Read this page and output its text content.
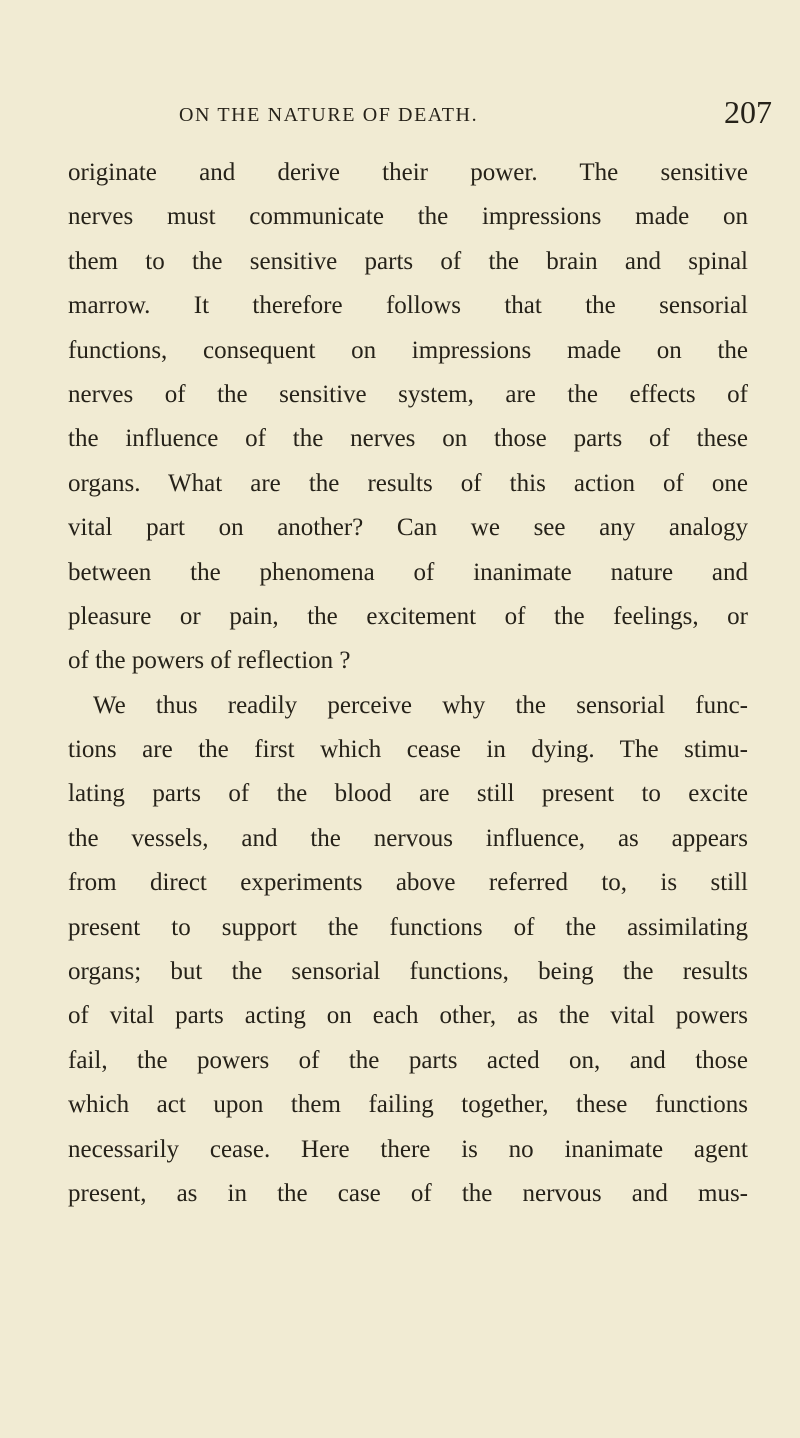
ON THE NATURE OF DEATH.	207
originate and derive their power. The sensitive
nerves must communicate the impressions made on
them to the sensitive parts of the brain and spinal
marrow. It therefore follows that the sensorial
functions, consequent on impressions made on the
nerves of the sensitive system, are the effects of
the influence of the nerves on those parts of these
organs. What are the results of this action of one
vital part on another? Can we see any analogy
between the phenomena of inanimate nature and
pleasure or pain, the excitement of the feelings, or
of the powers of reflection ?
We thus readily perceive why the sensorial func-
tions are the first which cease in dying. The stimu-
lating parts of the blood are still present to excite
the vessels, and the nervous influence, as appears
from direct experiments above referred to, is still
present to support the functions of the assimilating
organs; but the sensorial functions, being the results
of vital parts acting on each other, as the vital powers
fail, the powers of the parts acted on, and those
which act upon them failing together, these functions
necessarily cease. Here there is no inanimate agent
present, as in the case of the nervous and mus-
